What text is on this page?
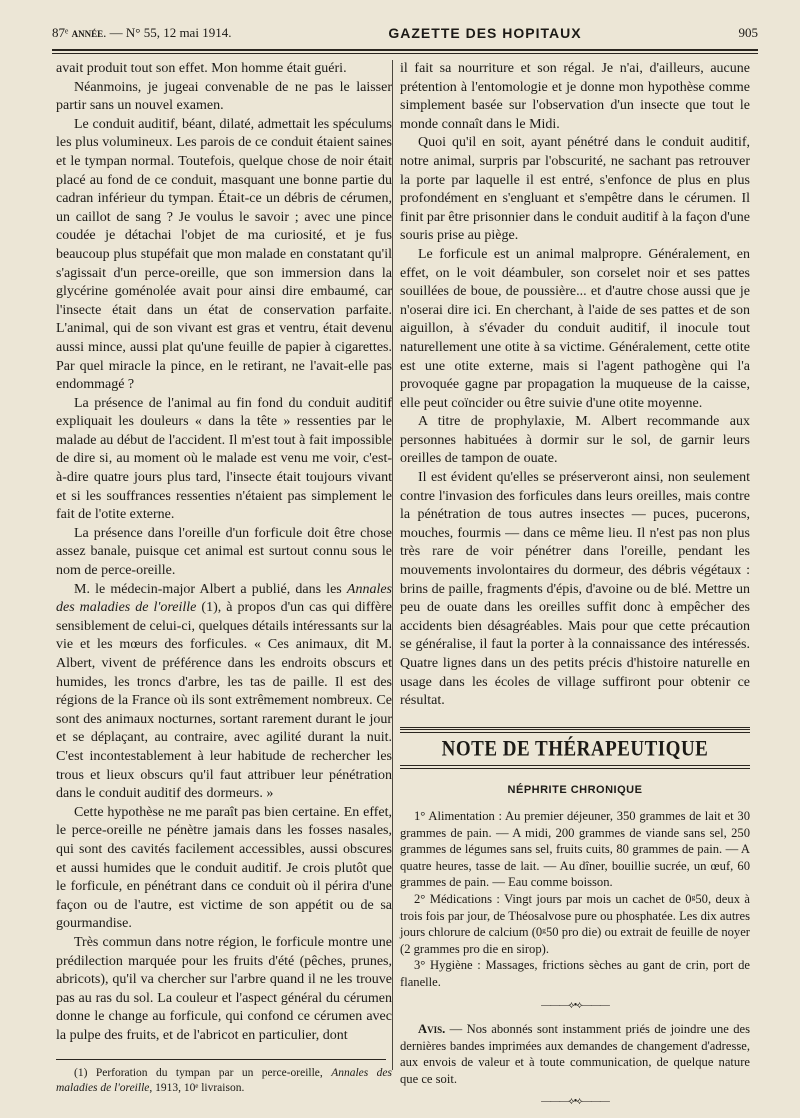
87ᵉ année. — N° 55, 12 mai 1914.	GAZETTE DES HOPITAUX	905

avait produit tout son effet. Mon homme était guéri.

Néanmoins, je jugeai convenable de ne pas le laisser partir sans un nouvel examen.

Le conduit auditif, béant, dilaté, admettait les spéculums les plus volumineux. Les parois de ce conduit étaient saines et le tympan normal. Toutefois, quelque chose de noir était placé au fond de ce conduit, masquant une bonne partie du cadran inférieur du tympan. Était-ce un débris de cérumen, un caillot de sang ? Je voulus le savoir ; avec une pince coudée je détachai l'objet de ma curiosité, et je fus beaucoup plus stupéfait que mon malade en constatant qu'il s'agissait d'un perce-oreille, que son immersion dans la glycérine goménolée avait pour ainsi dire embaumé, car l'insecte était dans un état de conservation parfaite. L'animal, qui de son vivant est gras et ventru, était devenu aussi mince, aussi plat qu'une feuille de papier à cigarettes. Par quel miracle la pince, en le retirant, ne l'avait-elle pas endommagé ?

La présence de l'animal au fin fond du conduit auditif expliquait les douleurs « dans la tête » ressenties par le malade au début de l'accident. Il m'est tout à fait impossible de dire si, au moment où le malade est venu me voir, c'est-à-dire quatre jours plus tard, l'insecte était toujours vivant et si les souffrances ressenties n'étaient pas simplement le fait de l'otite externe.

La présence dans l'oreille d'un forficule doit être chose assez banale, puisque cet animal est surtout connu sous le nom de perce-oreille.

M. le médecin-major Albert a publié, dans les Annales des maladies de l'oreille (1), à propos d'un cas qui diffère sensiblement de celui-ci, quelques détails intéressants sur la vie et les mœurs des forficules. « Ces animaux, dit M. Albert, vivent de préférence dans les endroits obscurs et humides, les troncs d'arbre, les tas de paille. Il est des régions de la France où ils sont extrêmement nombreux. Ce sont des animaux nocturnes, sortant rarement durant le jour et se déplaçant, au contraire, avec agilité durant la nuit. C'est incontestablement à leur habitude de rechercher les trous et lieux obscurs qu'il faut attribuer leur pénétration dans le conduit auditif des dormeurs. »

Cette hypothèse ne me paraît pas bien certaine. En effet, le perce-oreille ne pénètre jamais dans les fosses nasales, qui sont des cavités facilement accessibles, aussi obscures et aussi humides que le conduit auditif. Je crois plutôt que le forficule, en pénétrant dans ce conduit où il périra d'une façon ou de l'autre, est victime de son appétit ou de sa gourmandise.

Très commun dans notre région, le forficule montre une prédilection marquée pour les fruits d'été (pêches, prunes, abricots), qu'il va chercher sur l'arbre quand il ne les trouve pas au ras du sol. La couleur et l'aspect général du cérumen donne le change au forficule, qui confond ce cérumen avec la pulpe des fruits, et de l'abricot en particulier, dont

(1) Perforation du tympan par un perce-oreille, Annales des maladies de l'oreille, 1913, 10ᵉ livraison.

il fait sa nourriture et son régal. Je n'ai, d'ailleurs, aucune prétention à l'entomologie et je donne mon hypothèse comme simplement basée sur l'observation d'un insecte que tout le monde connaît dans le Midi.

Quoi qu'il en soit, ayant pénétré dans le conduit auditif, notre animal, surpris par l'obscurité, ne sachant pas retrouver la porte par laquelle il est entré, s'enfonce de plus en plus profondément en s'engluant et s'empêtre dans le cérumen. Il finit par être prisonnier dans le conduit auditif à la façon d'une souris prise au piège.

Le forficule est un animal malpropre. Généralement, en effet, on le voit déambuler, son corselet noir et ses pattes souillées de boue, de poussière... et d'autre chose aussi que je n'oserai dire ici. En cherchant, à l'aide de ses pattes et de son aiguillon, à s'évader du conduit auditif, il inocule tout naturellement une otite à sa victime. Généralement, cette otite est une otite externe, mais si l'agent pathogène qui l'a provoquée gagne par propagation la muqueuse de la caisse, elle peut coïncider ou être suivie d'une otite moyenne.

A titre de prophylaxie, M. Albert recommande aux personnes habituées à dormir sur le sol, de garnir leurs oreilles de tampon de ouate.

Il est évident qu'elles se préserveront ainsi, non seulement contre l'invasion des forficules dans leurs oreilles, mais contre la pénétration de tous autres insectes — puces, pucerons, mouches, fourmis — dans ce même lieu. Il n'est pas non plus très rare de voir pénétrer dans l'oreille, pendant les mouvements involontaires du dormeur, des débris végétaux : brins de paille, fragments d'épis, d'avoine ou de blé. Mettre un peu de ouate dans les oreilles suffit donc à empêcher des accidents bien désagréables. Mais pour que cette précaution se généralise, il faut la porter à la connaissance des intéressés. Quatre lignes dans un des petits précis d'histoire naturelle en usage dans les écoles de village suffiront pour obtenir ce résultat.

NOTE DE THÉRAPEUTIQUE
NÉPHRITE CHRONIQUE

1° Alimentation : Au premier déjeuner, 350 grammes de lait et 30 grammes de pain. — A midi, 200 grammes de viande sans sel, 250 grammes de légumes sans sel, fruits cuits, 80 grammes de pain. — A quatre heures, tasse de lait. — Au dîner, bouillie sucrée, un œuf, 60 grammes de pain. — Eau comme boisson.

2° Médications : Vingt jours par mois un cachet de 0ᵍ50, deux à trois fois par jour, de Théosalvose pure ou phosphatée. Les dix autres jours chlorure de calcium (0ᵍ50 pro die) ou extrait de feuille de noyer (2 grammes pro die en sirop).

3° Hygiène : Massages, frictions sèches au gant de crin, port de flanelle.

———⟡•⟡———

Avis. — Nos abonnés sont instamment priés de joindre une des dernières bandes imprimées aux demandes de changement d'adresse, aux envois de valeur et à toute communication, de quelque nature que ce soit.

———⟡•⟡———
